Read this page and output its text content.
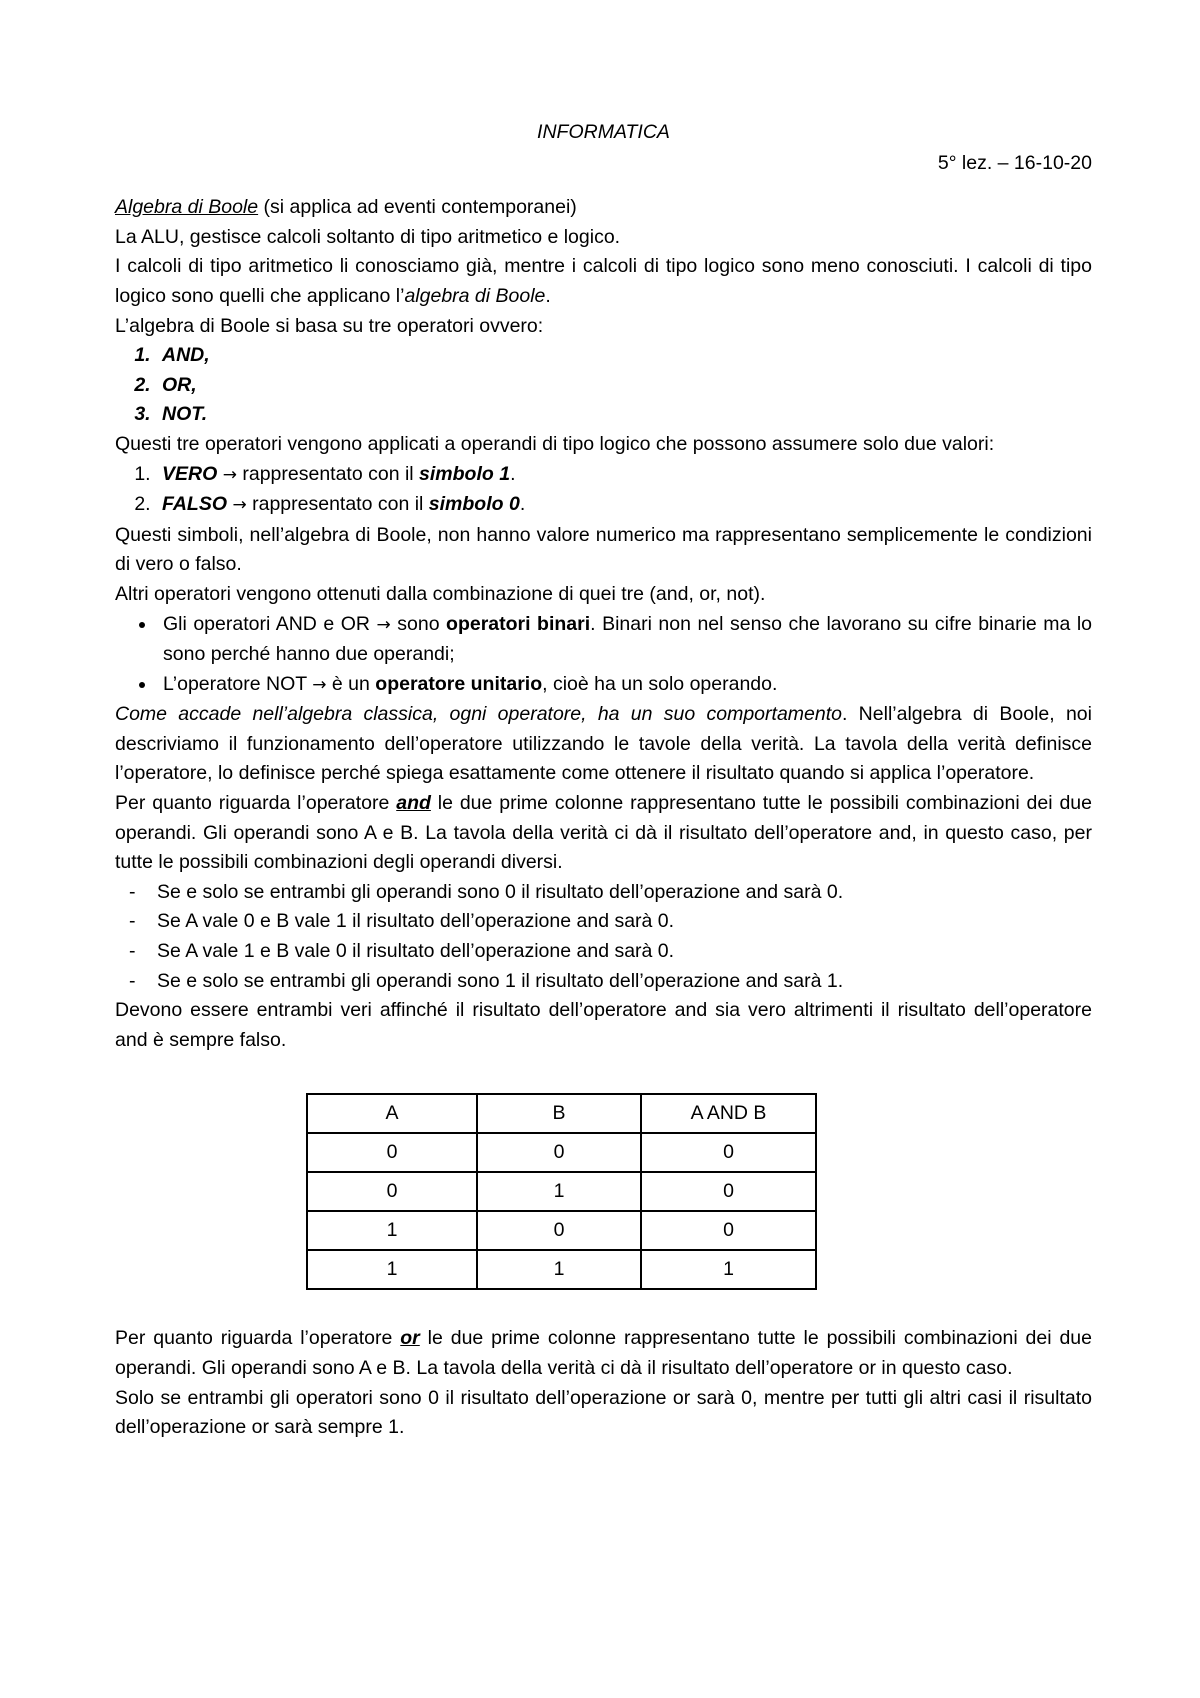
INFORMATICA

5° lez. – 16-10-20

Algebra di Boole (si applica ad eventi contemporanei)

La ALU, gestisce calcoli soltanto di tipo aritmetico e logico.

I calcoli di tipo aritmetico li conosciamo già, mentre i calcoli di tipo logico sono meno conosciuti. I calcoli di tipo logico sono quelli che applicano l’algebra di Boole.

L’algebra di Boole si basa su tre operatori ovvero:

1. AND,
2. OR,
3. NOT.

Questi tre operatori vengono applicati a operandi di tipo logico che possono assumere solo due valori:

1. VERO → rappresentato con il simbolo 1.
2. FALSO → rappresentato con il simbolo 0.

Questi simboli, nell’algebra di Boole, non hanno valore numerico ma rappresentano semplicemente le condizioni di vero o falso.

Altri operatori vengono ottenuti dalla combinazione di quei tre (and, or, not).

• Gli operatori AND e OR → sono operatori binari. Binari non nel senso che lavorano su cifre binarie ma lo sono perché hanno due operandi;
• L’operatore NOT → è un operatore unitario, cioè ha un solo operando.

Come accade nell’algebra classica, ogni operatore, ha un suo comportamento. Nell’algebra di Boole, noi descriviamo il funzionamento dell’operatore utilizzando le tavole della verità. La tavola della verità definisce l’operatore, lo definisce perché spiega esattamente come ottenere il risultato quando si applica l’operatore.

Per quanto riguarda l’operatore and le due prime colonne rappresentano tutte le possibili combinazioni dei due operandi. Gli operandi sono A e B. La tavola della verità ci dà il risultato dell’operatore and, in questo caso, per tutte le possibili combinazioni degli operandi diversi.

- Se e solo se entrambi gli operandi sono 0 il risultato dell’operazione and sarà 0.
- Se A vale 0 e B vale 1 il risultato dell’operazione and sarà 0.
- Se A vale 1 e B vale 0 il risultato dell’operazione and sarà 0.
- Se e solo se entrambi gli operandi sono 1 il risultato dell’operazione and sarà 1.

Devono essere entrambi veri affinché il risultato dell’operatore and sia vero altrimenti il risultato dell’operatore and è sempre falso.

A	B	A AND B
0	0	0
0	1	0
1	0	0
1	1	1

Per quanto riguarda l’operatore or le due prime colonne rappresentano tutte le possibili combinazioni dei due operandi. Gli operandi sono A e B. La tavola della verità ci dà il risultato dell’operatore or in questo caso.

Solo se entrambi gli operatori sono 0 il risultato dell’operazione or sarà 0, mentre per tutti gli altri casi il risultato dell’operazione or sarà sempre 1.
